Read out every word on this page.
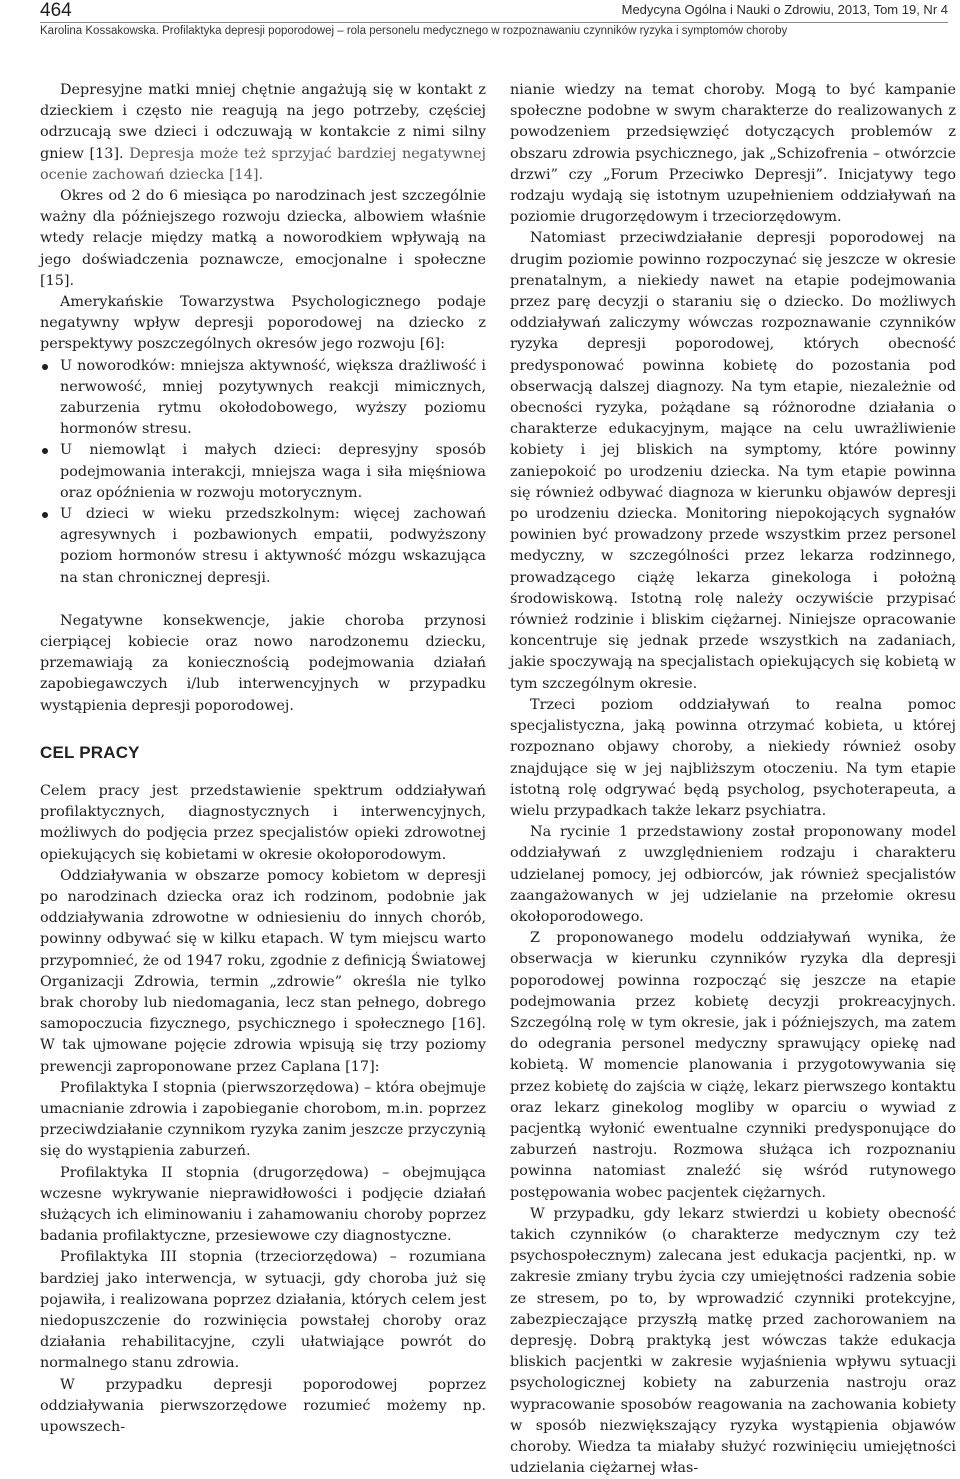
464	Medycyna Ogólna i Nauki o Zdrowiu, 2013, Tom 19, Nr 4
Karolina Kossakowska. Profilaktyka depresji poporodowej – rola personelu medycznego w rozpoznawaniu czynników ryzyka i symptomów choroby

Depresyjne matki mniej chętnie angażują się w kontakt z dzieckiem i często nie reagują na jego potrzeby, częściej odrzucają swe dzieci i odczuwają w kontakcie z nimi silny gniew [13]. Depresja może też sprzyjać bardziej negatywnej ocenie zachowań dziecka [14].

Okres od 2 do 6 miesiąca po narodzinach jest szczególnie ważny dla późniejszego rozwoju dziecka, albowiem właśnie wtedy relacje między matką a noworodkiem wpływają na jego doświadczenia poznawcze, emocjonalne i społeczne [15].

Amerykańskie Towarzystwa Psychologicznego podaje negatywny wpływ depresji poporodowej na dziecko z perspektywy poszczególnych okresów jego rozwoju [6]:

U noworodków: mniejsza aktywność, większa drażliwość i nerwowość, mniej pozytywnych reakcji mimicznych, zaburzenia rytmu okołodobowego, wyższy poziomu hormonów stresu.
U niemowląt i małych dzieci: depresyjny sposób podejmowania interakcji, mniejsza waga i siła mięśniowa oraz opóźnienia w rozwoju motorycznym.
U dzieci w wieku przedszkolnym: więcej zachowań agresywnych i pozbawionych empatii, podwyższony poziom hormonów stresu i aktywność mózgu wskazująca na stan chronicznej depresji.

Negatywne konsekwencje, jakie choroba przynosi cierpiącej kobiecie oraz nowo narodzonemu dziecku, przemawiają za koniecznością podejmowania działań zapobiegawczych i/lub interwencyjnych w przypadku wystąpienia depresji poporodowej.

CEL PRACY

Celem pracy jest przedstawienie spektrum oddziaływań profilaktycznych, diagnostycznych i interwencyjnych, możliwych do podjęcia przez specjalistów opieki zdrowotnej opiekujących się kobietami w okresie okołoporodowym.

Oddziaływania w obszarze pomocy kobietom w depresji po narodzinach dziecka oraz ich rodzinom, podobnie jak oddziaływania zdrowotne w odniesieniu do innych chorób, powinny odbywać się w kilku etapach. W tym miejscu warto przypomnieć, że od 1947 roku, zgodnie z definicją Światowej Organizacji Zdrowia, termin „zdrowie” określa nie tylko brak choroby lub niedomagania, lecz stan pełnego, dobrego samopoczucia fizycznego, psychicznego i społecznego [16]. W tak ujmowane pojęcie zdrowia wpisują się trzy poziomy prewencji zaproponowane przez Caplana [17]:

Profilaktyka I stopnia (pierwszorzędowa) – która obejmuje umacnianie zdrowia i zapobieganie chorobom, m.in. poprzez przeciwdziałanie czynnikom ryzyka zanim jeszcze przyczynią się do wystąpienia zaburzeń.

Profilaktyka II stopnia (drugorzędowa) – obejmująca wczesne wykrywanie nieprawidłowości i podjęcie działań służących ich eliminowaniu i zahamowaniu choroby poprzez badania profilaktyczne, przesiewowe czy diagnostyczne.

Profilaktyka III stopnia (trzeciorzędowa) – rozumiana bardziej jako interwencja, w sytuacji, gdy choroba już się pojawiła, i realizowana poprzez działania, których celem jest niedopuszczenie do rozwinięcia powstałej choroby oraz działania rehabilitacyjne, czyli ułatwiające powrót do normalnego stanu zdrowia.

W przypadku depresji poporodowej poprzez oddziaływania pierwszorzędowe rozumieć możemy np. upowszech-

nianie wiedzy na temat choroby. Mogą to być kampanie społeczne podobne w swym charakterze do realizowanych z powodzeniem przedsięwzięć dotyczących problemów z obszaru zdrowia psychicznego, jak „Schizofrenia – otwórzcie drzwi” czy „Forum Przeciwko Depresji”. Inicjatywy tego rodzaju wydają się istotnym uzupełnieniem oddziaływań na poziomie drugorzędowym i trzeciorzędowym.

Natomiast przeciwdziałanie depresji poporodowej na drugim poziomie powinno rozpoczynać się jeszcze w okresie prenatalnym, a niekiedy nawet na etapie podejmowania przez parę decyzji o staraniu się o dziecko. Do możliwych oddziaływań zaliczymy wówczas rozpoznawanie czynników ryzyka depresji poporodowej, których obecność predysponować powinna kobietę do pozostania pod obserwacją dalszej diagnozy. Na tym etapie, niezależnie od obecności ryzyka, pożądane są różnorodne działania o charakterze edukacyjnym, mające na celu uwrażliwienie kobiety i jej bliskich na symptomy, które powinny zaniepokoić po urodzeniu dziecka. Na tym etapie powinna się również odbywać diagnoza w kierunku objawów depresji po urodzeniu dziecka. Monitoring niepokojących sygnałów powinien być prowadzony przede wszystkim przez personel medyczny, w szczególności przez lekarza rodzinnego, prowadzącego ciążę lekarza ginekologa i położną środowiskową. Istotną rolę należy oczywiście przypisać również rodzinie i bliskim ciężarnej. Niniejsze opracowanie koncentruje się jednak przede wszystkich na zadaniach, jakie spoczywają na specjalistach opiekujących się kobietą w tym szczególnym okresie.

Trzeci poziom oddziaływań to realna pomoc specjalistyczna, jaką powinna otrzymać kobieta, u której rozpoznano objawy choroby, a niekiedy również osoby znajdujące się w jej najbliższym otoczeniu. Na tym etapie istotną rolę odgrywać będą psycholog, psychoterapeuta, a wielu przypadkach także lekarz psychiatra.

Na rycinie 1 przedstawiony został proponowany model oddziaływań z uwzględnieniem rodzaju i charakteru udzielanej pomocy, jej odbiorców, jak również specjalistów zaangażowanych w jej udzielanie na przełomie okresu okołoporodowego.

Z proponowanego modelu oddziaływań wynika, że obserwacja w kierunku czynników ryzyka dla depresji poporodowej powinna rozpocząć się jeszcze na etapie podejmowania przez kobietę decyzji prokreacyjnych. Szczególną rolę w tym okresie, jak i późniejszych, ma zatem do odegrania personel medyczny sprawujący opiekę nad kobietą. W momencie planowania i przygotowywania się przez kobietę do zajścia w ciążę, lekarz pierwszego kontaktu oraz lekarz ginekolog mogliby w oparciu o wywiad z pacjentką wyłonić ewentualne czynniki predysponujące do zaburzeń nastroju. Rozmowa służąca ich rozpoznaniu powinna natomiast znaleźć się wśród rutynowego postępowania wobec pacjentek ciężarnych.

W przypadku, gdy lekarz stwierdzi u kobiety obecność takich czynników (o charakterze medycznym czy też psychospołecznym) zalecana jest edukacja pacjentki, np. w zakresie zmiany trybu życia czy umiejętności radzenia sobie ze stresem, po to, by wprowadzić czynniki protekcyjne, zabezpieczające przyszłą matkę przed zachorowaniem na depresję. Dobrą praktyką jest wówczas także edukacja bliskich pacjentki w zakresie wyjaśnienia wpływu sytuacji psychologicznej kobiety na zaburzenia nastroju oraz wypracowanie sposobów reagowania na zachowania kobiety w sposób niezwiększający ryzyka wystąpienia objawów choroby. Wiedza ta miałaby służyć rozwinięciu umiejętności udzielania ciężarnej włas-
